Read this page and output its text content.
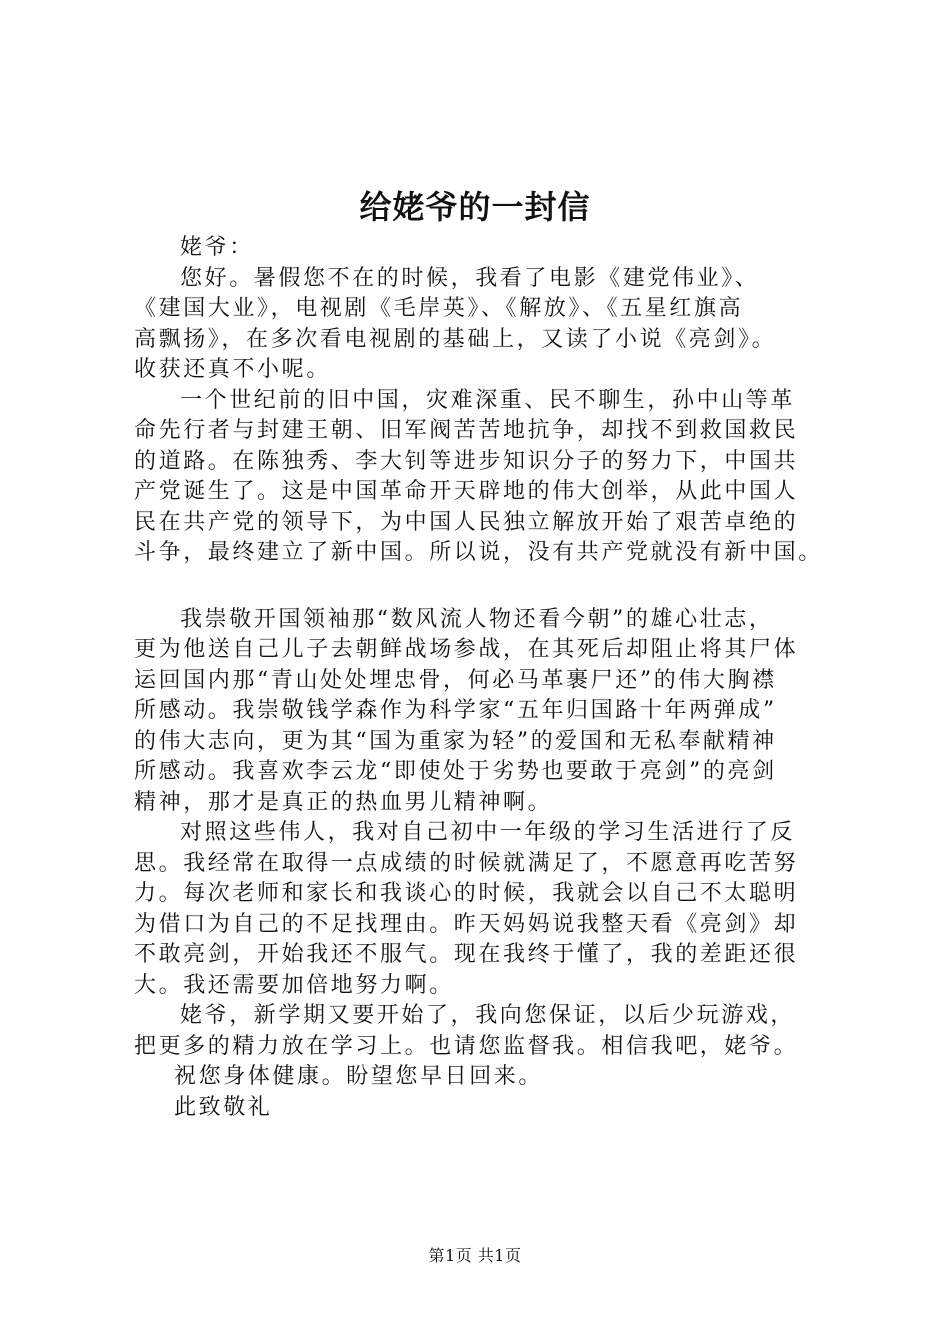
给姥爷的一封信
姥爷：
您好。暑假您不在的时候，我看了电影《建党伟业》、
《建国大业》，电视剧《毛岸英》、《解放》、《五星红旗高
高飘扬》，在多次看电视剧的基础上，又读了小说《亮剑》。
收获还真不小呢。
一个世纪前的旧中国，灾难深重、民不聊生，孙中山等革
命先行者与封建王朝、旧军阀苦苦地抗争，却找不到救国救民
的道路。在陈独秀、李大钊等进步知识分子的努力下，中国共
产党诞生了。这是中国革命开天辟地的伟大创举，从此中国人
民在共产党的领导下，为中国人民独立解放开始了艰苦卓绝的
斗争，最终建立了新中国。所以说，没有共产党就没有新中国。
我崇敬开国领袖那“数风流人物还看今朝”的雄心壮志，
更为他送自己儿子去朝鲜战场参战，在其死后却阻止将其尸体
运回国内那“青山处处埋忠骨，何必马革裹尸还”的伟大胸襟
所感动。我崇敬钱学森作为科学家“五年归国路十年两弹成”
的伟大志向，更为其“国为重家为轻”的爱国和无私奉献精神
所感动。我喜欢李云龙“即使处于劣势也要敢于亮剑”的亮剑
精神，那才是真正的热血男儿精神啊。
对照这些伟人，我对自己初中一年级的学习生活进行了反
思。我经常在取得一点成绩的时候就满足了，不愿意再吃苦努
力。每次老师和家长和我谈心的时候，我就会以自己不太聪明
为借口为自己的不足找理由。昨天妈妈说我整天看《亮剑》却
不敢亮剑，开始我还不服气。现在我终于懂了，我的差距还很
大。我还需要加倍地努力啊。
姥爷，新学期又要开始了，我向您保证，以后少玩游戏，
把更多的精力放在学习上。也请您监督我。相信我吧，姥爷。
祝您身体健康。盼望您早日回来。
此致敬礼
第1页 共1页
